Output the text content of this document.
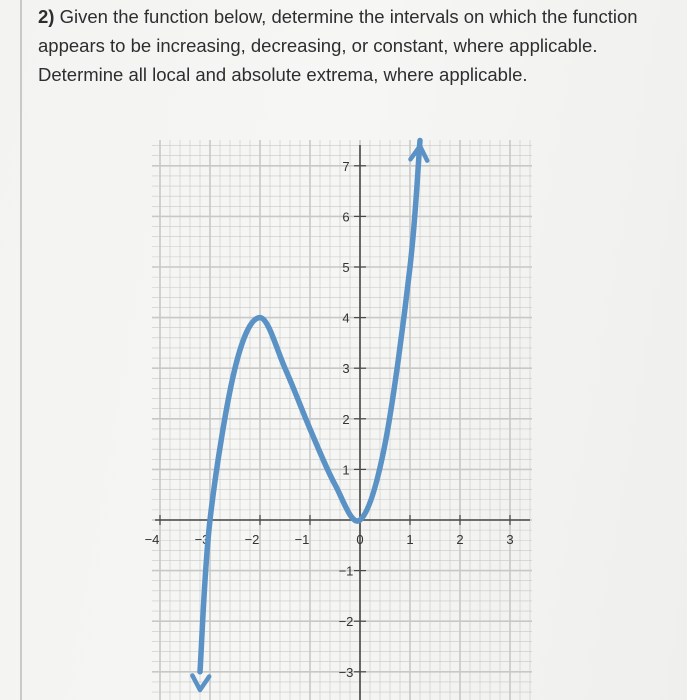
2) Given the function below, determine the intervals on which the function appears to be increasing, decreasing, or constant, where applicable. Determine all local and absolute extrema, where applicable.

−4	−3	−2	−1	0	1	2	3
7
6
5
4
3
2
1
−1
−2
−3
